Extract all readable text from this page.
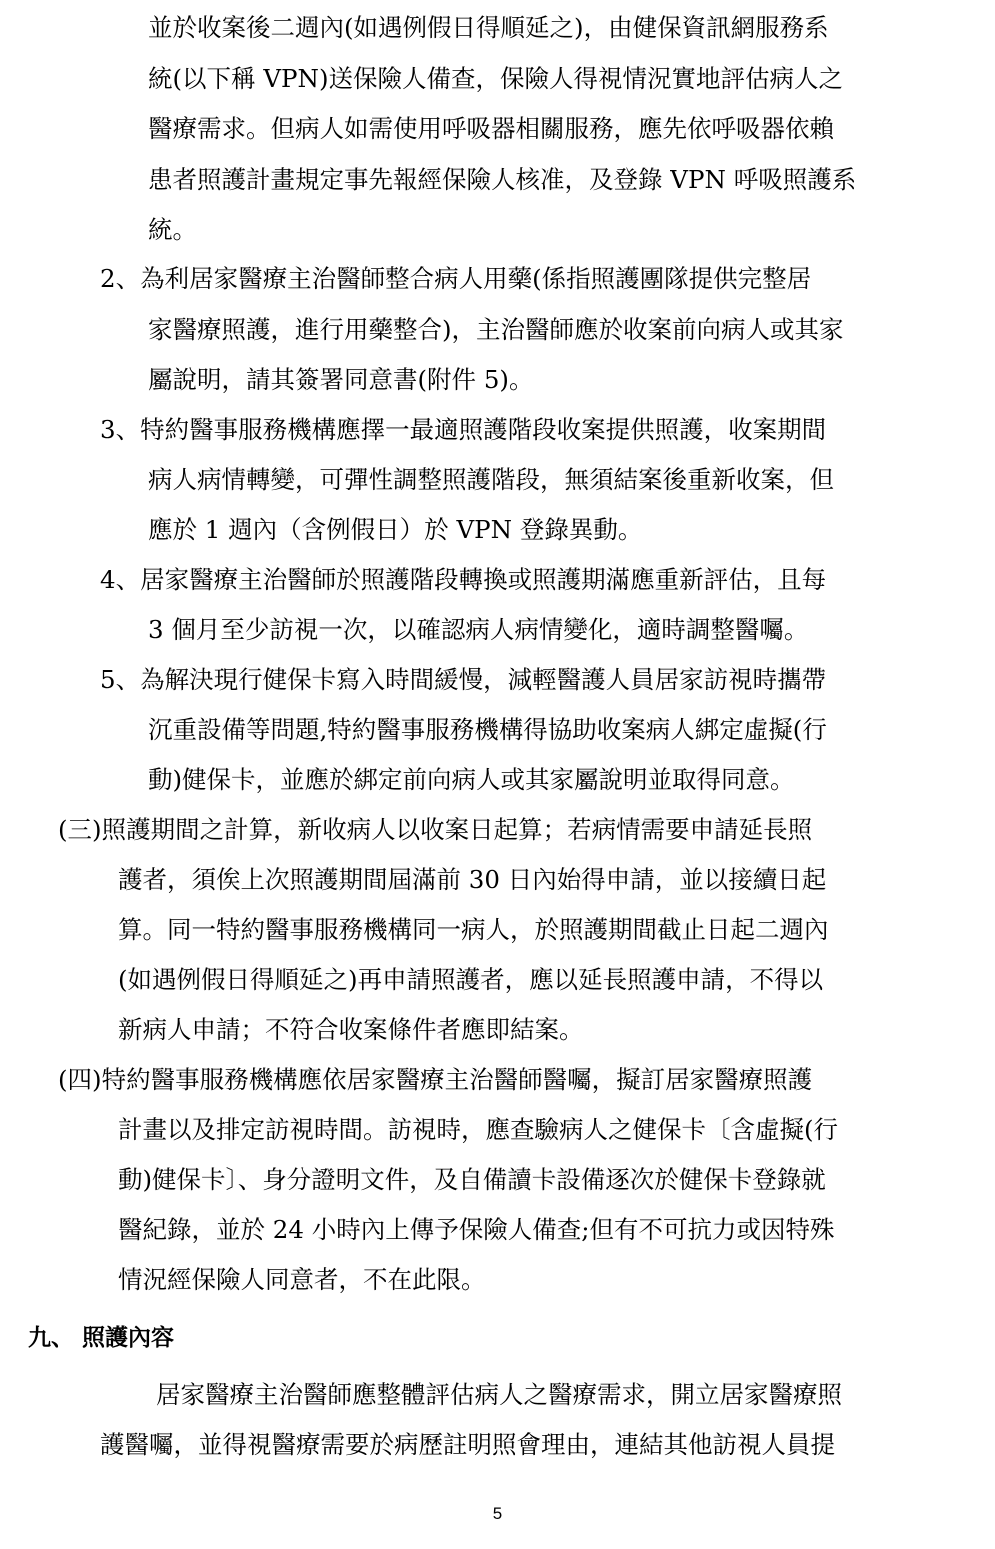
並於收案後二週內(如遇例假日得順延之)，由健保資訊網服務系
統(以下稱 VPN)送保險人備查，保險人得視情況實地評估病人之
醫療需求。但病人如需使用呼吸器相關服務，應先依呼吸器依賴
患者照護計畫規定事先報經保險人核准，及登錄 VPN 呼吸照護系
統。
2、為利居家醫療主治醫師整合病人用藥(係指照護團隊提供完整居
家醫療照護，進行用藥整合)，主治醫師應於收案前向病人或其家
屬說明，請其簽署同意書(附件 5)。
3、特約醫事服務機構應擇一最適照護階段收案提供照護，收案期間
病人病情轉變，可彈性調整照護階段，無須結案後重新收案，但
應於 1 週內（含例假日）於 VPN 登錄異動。
4、居家醫療主治醫師於照護階段轉換或照護期滿應重新評估，且每
3 個月至少訪視一次，以確認病人病情變化，適時調整醫囑。
5、為解決現行健保卡寫入時間緩慢，減輕醫護人員居家訪視時攜帶
沉重設備等問題,特約醫事服務機構得協助收案病人綁定虛擬(行
動)健保卡，並應於綁定前向病人或其家屬說明並取得同意。
(三)照護期間之計算，新收病人以收案日起算；若病情需要申請延長照
護者，須俟上次照護期間屆滿前 30 日內始得申請，並以接續日起
算。同一特約醫事服務機構同一病人，於照護期間截止日起二週內
(如遇例假日得順延之)再申請照護者，應以延長照護申請，不得以
新病人申請；不符合收案條件者應即結案。
(四)特約醫事服務機構應依居家醫療主治醫師醫囑，擬訂居家醫療照護
計畫以及排定訪視時間。訪視時，應查驗病人之健保卡〔含虛擬(行
動)健保卡〕、身分證明文件，及自備讀卡設備逐次於健保卡登錄就
醫紀錄，並於 24 小時內上傳予保險人備查;但有不可抗力或因特殊
情況經保險人同意者，不在此限。
九、 照護內容
居家醫療主治醫師應整體評估病人之醫療需求，開立居家醫療照
護醫囑，並得視醫療需要於病歷註明照會理由，連結其他訪視人員提
5
